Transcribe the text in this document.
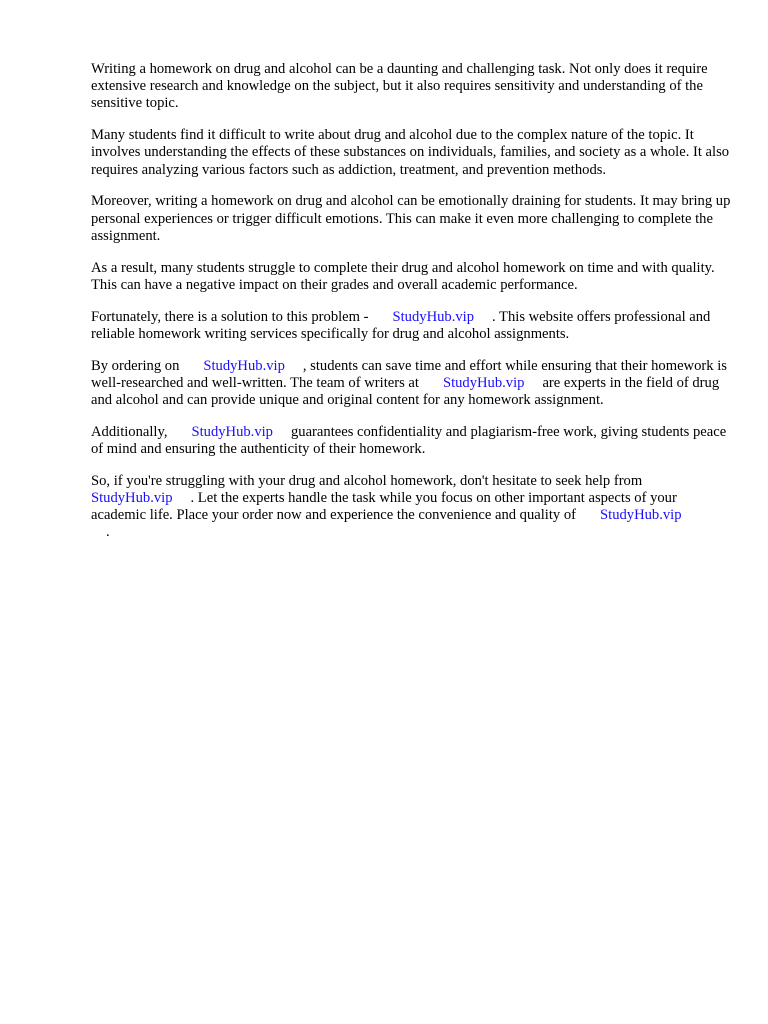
Writing a homework on drug and alcohol can be a daunting and challenging task. Not only does it require extensive research and knowledge on the subject, but it also requires sensitivity and understanding of the sensitive topic.

Many students find it difficult to write about drug and alcohol due to the complex nature of the topic. It involves understanding the effects of these substances on individuals, families, and society as a whole. It also requires analyzing various factors such as addiction, treatment, and prevention methods.

Moreover, writing a homework on drug and alcohol can be emotionally draining for students. It may bring up personal experiences or trigger difficult emotions. This can make it even more challenging to complete the assignment.

As a result, many students struggle to complete their drug and alcohol homework on time and with quality. This can have a negative impact on their grades and overall academic performance.

Fortunately, there is a solution to this problem - StudyHub.vip . This website offers professional and reliable homework writing services specifically for drug and alcohol assignments.

By ordering on StudyHub.vip , students can save time and effort while ensuring that their homework is well-researched and well-written. The team of writers at StudyHub.vip are experts in the field of drug and alcohol and can provide unique and original content for any homework assignment.

Additionally, StudyHub.vip guarantees confidentiality and plagiarism-free work, giving students peace of mind and ensuring the authenticity of their homework.

So, if you're struggling with your drug and alcohol homework, don't hesitate to seek help from StudyHub.vip . Let the experts handle the task while you focus on other important aspects of your academic life. Place your order now and experience the convenience and quality of StudyHub.vip
.
